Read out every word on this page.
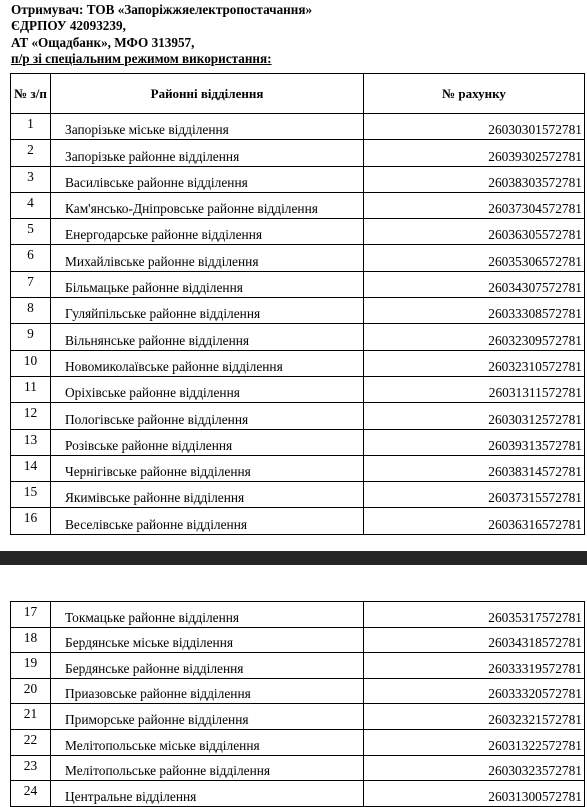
Отримувач: ТОВ «Запоріжжяелектропостачання»
ЄДРПОУ 42093239,
АТ «Ощадбанк», МФО 313957,
п/р зі спеціальним режимом використання:
№ з/п	Районні відділення	№ рахунку
1	Запорізьке міське відділення	26030301572781
2	Запорізьке районне відділення	26039302572781
3	Василівське районне відділення	26038303572781
4	Кам'янсько-Дніпровське районне відділення	26037304572781
5	Енергодарське районне відділення	26036305572781
6	Михайлівське районне відділення	26035306572781
7	Більмацьке районне відділення	26034307572781
8	Гуляйпільське районне відділення	26033308572781
9	Вільнянське районне відділення	26032309572781
10	Новомиколаївське районне відділення	26032310572781
11	Оріхівське районне відділення	26031311572781
12	Пологівське районне відділення	26030312572781
13	Розівське районне відділення	26039313572781
14	Чернігівське районне відділення	26038314572781
15	Якимівське районне відділення	26037315572781
16	Веселівське районне відділення	26036316572781
17	Токмацьке районне відділення	26035317572781
18	Бердянське міське відділення	26034318572781
19	Бердянське районне відділення	26033319572781
20	Приазовське районне відділення	26033320572781
21	Приморське районне відділення	26032321572781
22	Мелітопольське міське відділення	26031322572781
23	Мелітопольське районне відділення	26030323572781
24	Центральне відділення	26031300572781
